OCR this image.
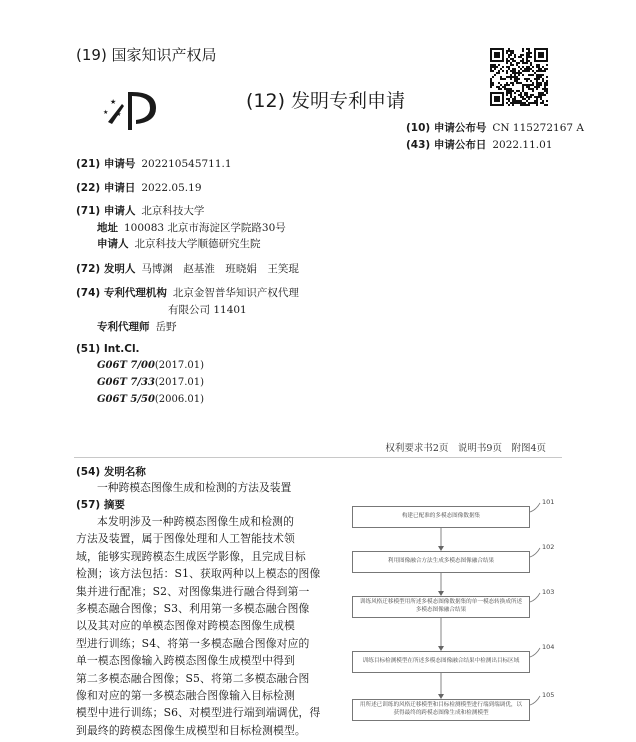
(19) 国家知识产权局
(12) 发明专利申请
★
★ ★
(10) 申请公布号 CN 115272167 A
(43) 申请公布日 2022.11.01
(21) 申请号 202210545711.1
(22) 申请日 2022.05.19
(71) 申请人 北京科技大学
地址 100083 北京市海淀区学院路30号
申请人 北京科技大学顺德研究生院
(72) 发明人 马博渊　赵基淮　班晓娟　王笑琨
(74) 专利代理机构 北京金智普华知识产权代理
有限公司 11401
专利代理师 岳野
(51) Int.Cl.
G06T 7/00(2017.01)
G06T 7/33(2017.01)
G06T 5/50(2006.01)
权利要求书2页　说明书9页　附图4页
(54) 发明名称
一种跨模态图像生成和检测的方法及装置
(57) 摘要
本发明涉及一种跨模态图像生成和检测的
方法及装置，属于图像处理和人工智能技术领
域，能够实现跨模态生成医学影像，且完成目标
检测；该方法包括：S1、获取两种以上模态的图像
集并进行配准；S2、对图像集进行融合得到第一
多模态融合图像；S3、利用第一多模态融合图像
以及其对应的单模态图像对跨模态图像生成模
型进行训练；S4、将第一多模态融合图像对应的
单一模态图像输入跨模态图像生成模型中得到
第二多模态融合图像；S5、将第二多模态融合图
像和对应的第一多模态融合图像输入目标检测
模型中进行训练；S6、对模型进行端到端调优，得
到最终的跨模态图像生成模型和目标检测模型。
构建已配准的多模态图像数据集
101
利用图像融合方法生成多模态图像融合结果
102
训练风格迁移模型用所述多模态图像数据集的单一模态转换成所述多模态图像融合结果
103
训练目标检测模型在所述多模态图像融合结果中检测出目标区域
104
用所述已训练的风格迁移模型和目标检测模型进行端到端调优，以获得最终的跨模态图像生成和检测模型
105
